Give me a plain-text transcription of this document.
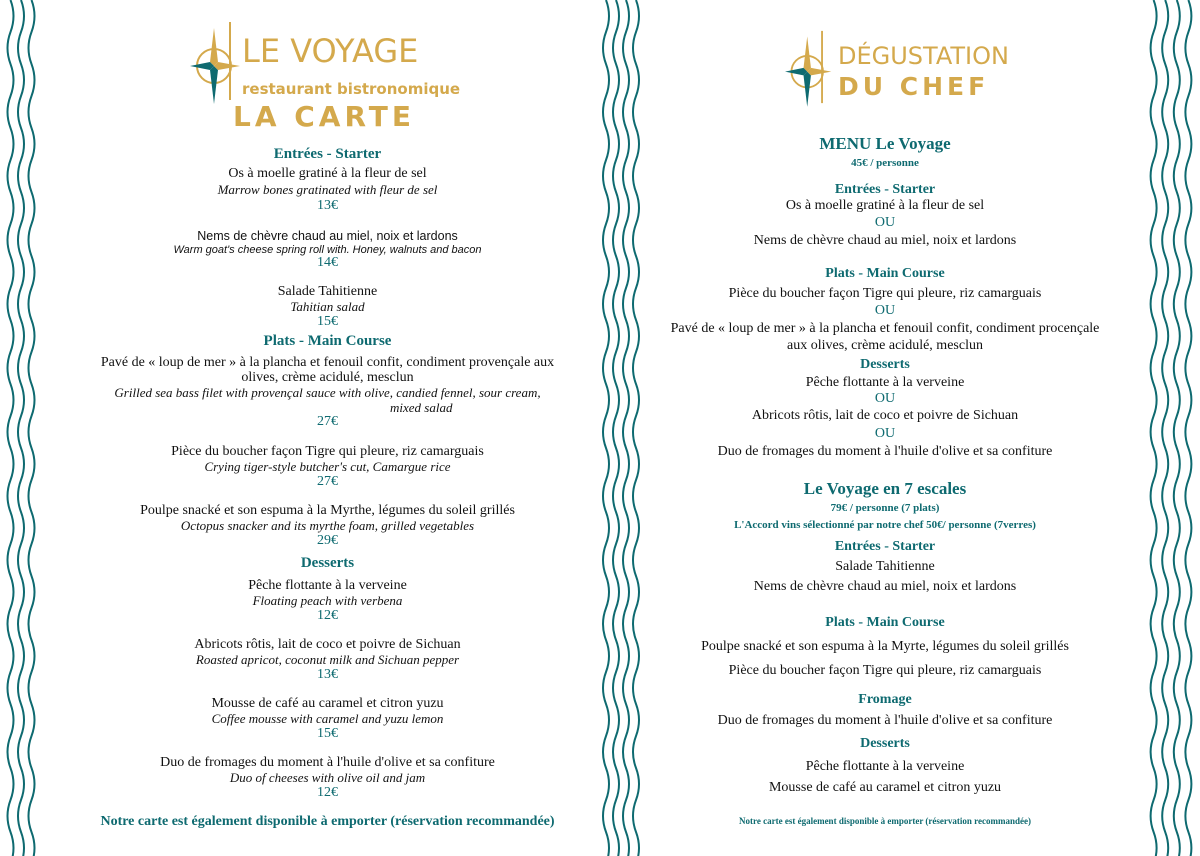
LE VOYAGE
restaurant bistronomique
LA CARTE
Entrées - Starter
Os à moelle gratiné à la fleur de sel
Marrow bones gratinated with fleur de sel
13€
Nems de chèvre chaud au miel, noix et lardons
Warm goat's cheese spring roll with. Honey, walnuts and bacon
14€
Salade Tahitienne
Tahitian salad
15€
Plats - Main Course
Pavé de « loup de mer » à la plancha et fenouil confit, condiment provençale aux
olives, crème acidulé, mesclun
Grilled sea bass filet with provençal sauce with olive, candied fennel, sour cream,
mixed salad
27€
Pièce du boucher façon Tigre qui pleure, riz camarguais
Crying tiger-style butcher's cut, Camargue rice
27€
Poulpe snacké et son espuma à la Myrthe, légumes du soleil grillés
Octopus snacker and its myrthe foam, grilled vegetables
29€
Desserts
Pêche flottante à la verveine
Floating peach with verbena
12€
Abricots rôtis, lait de coco et poivre de Sichuan
Roasted apricot, coconut milk and Sichuan pepper
13€
Mousse de café au caramel et citron yuzu
Coffee mousse with caramel and yuzu lemon
15€
Duo de fromages du moment à l'huile d'olive et sa confiture
Duo of cheeses with olive oil and jam
12€
Notre carte est également disponible à emporter (réservation recommandée)
DÉGUSTATION
DU CHEF
MENU Le Voyage
45€ / personne
Entrées - Starter
Os à moelle gratiné à la fleur de sel
OU
Nems de chèvre chaud au miel, noix et lardons
Plats - Main Course
Pièce du boucher façon Tigre qui pleure, riz camarguais
OU
Pavé de « loup de mer » à la plancha et fenouil confit, condiment procençale
aux olives, crème acidulé, mesclun
Desserts
Pêche flottante à la verveine
OU
Abricots rôtis, lait de coco et poivre de Sichuan
OU
Duo de fromages du moment à l'huile d'olive et sa confiture
Le Voyage en 7 escales
79€ / personne (7 plats)
L'Accord vins sélectionné par notre chef 50€/ personne (7verres)
Entrées - Starter
Salade Tahitienne
Nems de chèvre chaud au miel, noix et lardons
Plats - Main Course
Poulpe snacké et son espuma à la Myrte, légumes du soleil grillés
Pièce du boucher façon Tigre qui pleure, riz camarguais
Fromage
Duo de fromages du moment à l'huile d'olive et sa confiture
Desserts
Pêche flottante à la verveine
Mousse de café au caramel et citron yuzu
Notre carte est également disponible à emporter (réservation recommandée)
